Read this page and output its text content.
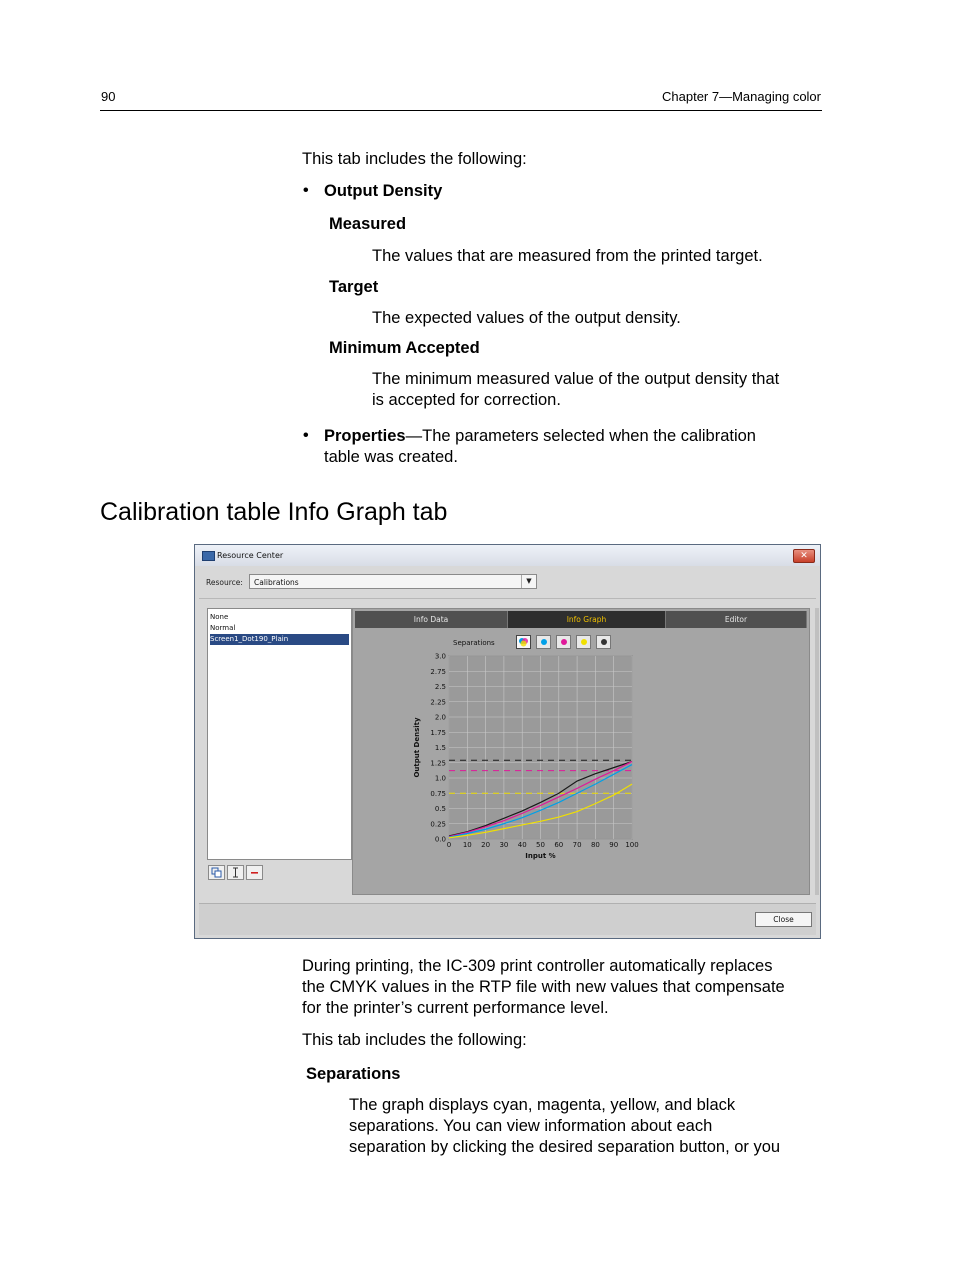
90	Chapter 7—Managing color
This tab includes the following:
• Output Density
Measured
The values that are measured from the printed target.
Target
The expected values of the output density.
Minimum Accepted
The minimum measured value of the output density that
is accepted for correction.
• Properties—The parameters selected when the calibration
table was created.
Calibration table Info Graph tab
Resource Center	✕
Resource: Calibrations	▼
None
Normal
Screen1_Dot190_Plain
Info Data	Info Graph	Editor
Separations
0.0
0.25
0.5
0.75
1.0
1.25
1.5
1.75
2.0
2.25
2.5
2.75
3.0
0 10 20 30 40 50 60 70 80 90 100
Input %
Output Density
Close
During printing, the IC-309 print controller automatically replaces
the CMYK values in the RTP file with new values that compensate
for the printer’s current performance level.
This tab includes the following:
Separations
The graph displays cyan, magenta, yellow, and black
separations. You can view information about each
separation by clicking the desired separation button, or you
